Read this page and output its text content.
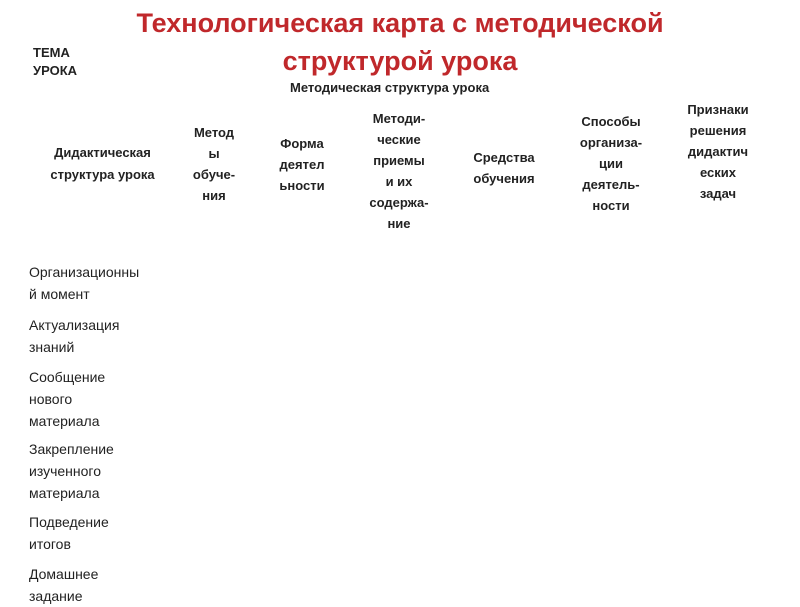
Технологическая карта с методической
структурой урока
ТЕМА
УРОКА
Методическая структура урока
Дидактическая
структура урока
Метод
ы
обуче-
ния
Форма
деятел
ьности
Методи-
ческие
приемы
и их
содержа-
ние
Средства
обучения
Способы
организа-
ции
деятель-
ности
Признаки
решения
дидактич
еских
задач
Организационны
й момент
Актуализация
знаний
Сообщение
нового
материала
Закрепление
изученного
материала
Подведение
итогов
Домашнее
задание
